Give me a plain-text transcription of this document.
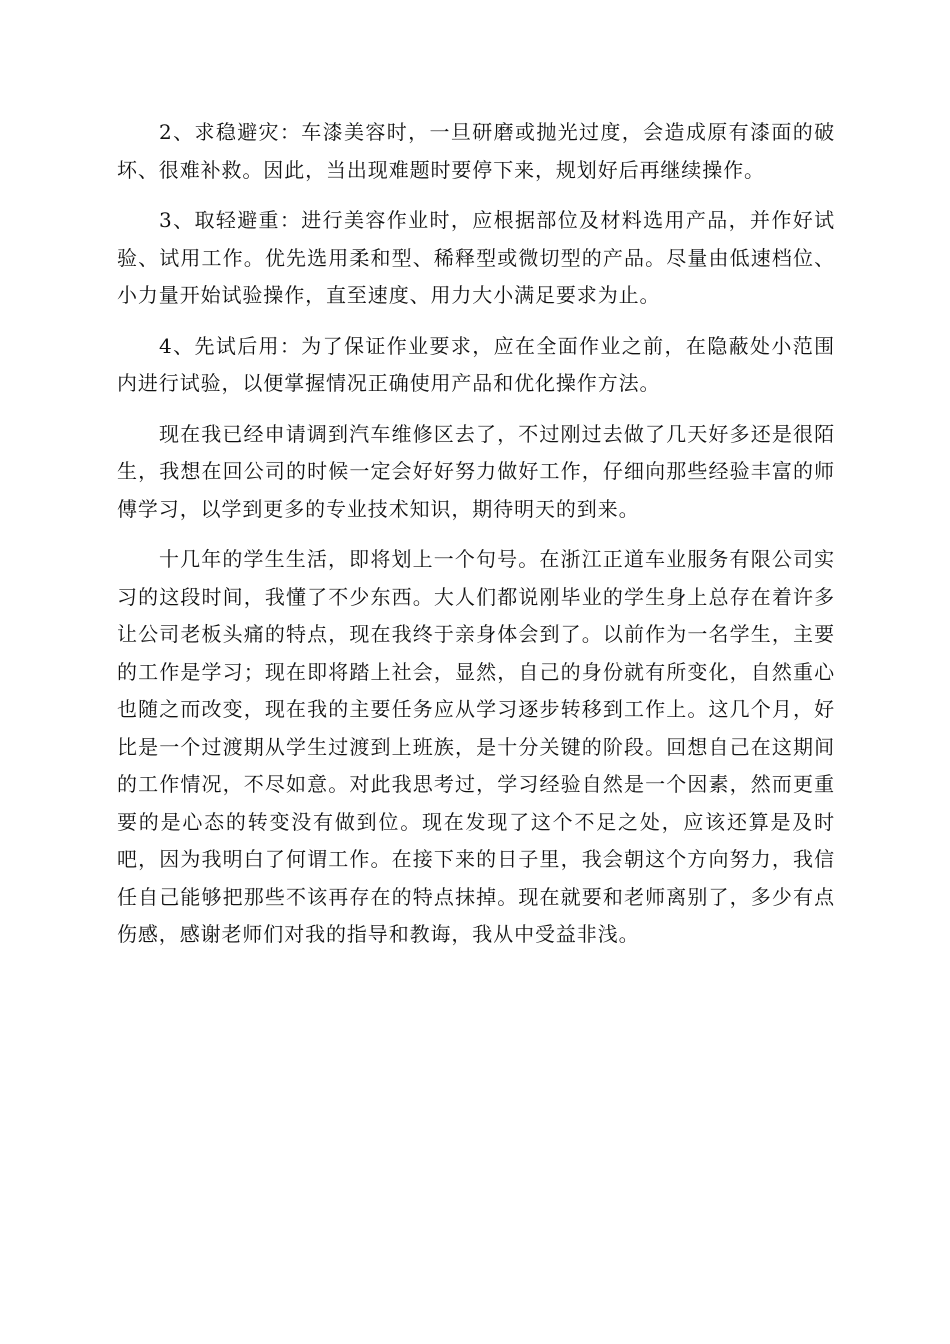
2、求稳避灾：车漆美容时，一旦研磨或抛光过度，会造成原有漆面的破坏、很难补救。因此，当出现难题时要停下来，规划好后再继续操作。

3、取轻避重：进行美容作业时，应根据部位及材料选用产品，并作好试验、试用工作。优先选用柔和型、稀释型或微切型的产品。尽量由低速档位、小力量开始试验操作，直至速度、用力大小满足要求为止。

4、先试后用：为了保证作业要求，应在全面作业之前，在隐蔽处小范围内进行试验，以便掌握情况正确使用产品和优化操作方法。

现在我已经申请调到汽车维修区去了，不过刚过去做了几天好多还是很陌生，我想在回公司的时候一定会好好努力做好工作，仔细向那些经验丰富的师傅学习，以学到更多的专业技术知识，期待明天的到来。

十几年的学生生活，即将划上一个句号。在浙江正道车业服务有限公司实习的这段时间，我懂了不少东西。大人们都说刚毕业的学生身上总存在着许多让公司老板头痛的特点，现在我终于亲身体会到了。以前作为一名学生，主要的工作是学习；现在即将踏上社会，显然，自己的身份就有所变化，自然重心也随之而改变，现在我的主要任务应从学习逐步转移到工作上。这几个月，好比是一个过渡期从学生过渡到上班族，是十分关键的阶段。回想自己在这期间的工作情况，不尽如意。对此我思考过，学习经验自然是一个因素，然而更重要的是心态的转变没有做到位。现在发现了这个不足之处，应该还算是及时吧，因为我明白了何谓工作。在接下来的日子里，我会朝这个方向努力，我信任自己能够把那些不该再存在的特点抹掉。现在就要和老师离别了，多少有点伤感，感谢老师们对我的指导和教诲，我从中受益非浅。
